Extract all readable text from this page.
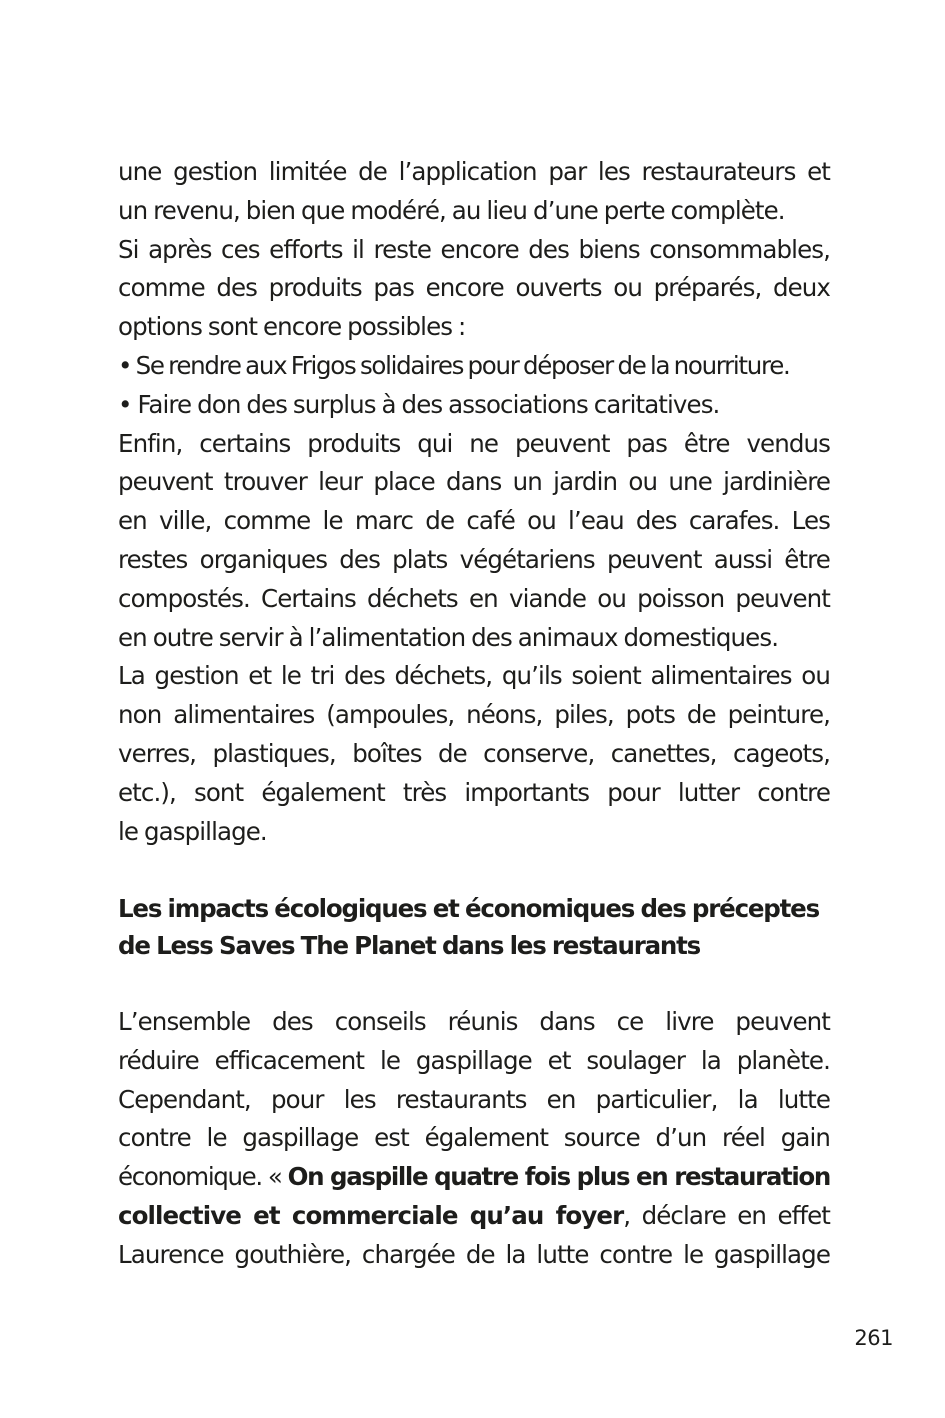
une gestion limitée de l’application par les restaurateurs et
un revenu, bien que modéré, au lieu d’une perte complète.
Si après ces efforts il reste encore des biens consommables,
comme des produits pas encore ouverts ou préparés, deux
options sont encore possibles :
• Se rendre aux Frigos solidaires pour déposer de la nourriture.
• Faire don des surplus à des associations caritatives.
Enfin, certains produits qui ne peuvent pas être vendus
peuvent trouver leur place dans un jardin ou une jardinière
en ville, comme le marc de café ou l’eau des carafes. Les
restes organiques des plats végétariens peuvent aussi être
compostés. Certains déchets en viande ou poisson peuvent
en outre servir à l’alimentation des animaux domestiques.
La gestion et le tri des déchets, qu’ils soient alimentaires ou
non alimentaires (ampoules, néons, piles, pots de peinture,
verres, plastiques, boîtes de conserve, canettes, cageots,
etc.), sont également très importants pour lutter contre
le gaspillage.
Les impacts écologiques et économiques des préceptes
de Less Saves The Planet dans les restaurants
L’ensemble des conseils réunis dans ce livre peuvent
réduire efficacement le gaspillage et soulager la planète.
Cependant, pour les restaurants en particulier, la lutte
contre le gaspillage est également source d’un réel gain
économique. « On gaspille quatre fois plus en restauration
collective et commerciale qu’au foyer, déclare en effet
Laurence gouthière, chargée de la lutte contre le gaspillage
261
